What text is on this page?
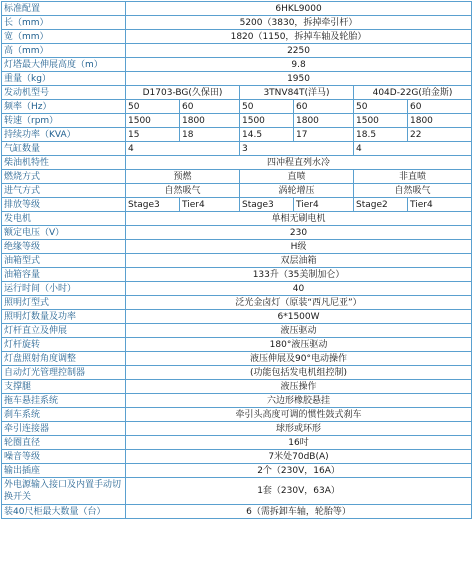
标准配置	6HKL9000					
长（mm）	5200（3830，拆掉牵引杆）					
宽（mm）	1820（1150，拆掉车轴及轮胎）					
高（mm）	2250					
灯塔最大伸展高度（m）	9.8					
重量（kg）	1950					
发动机型号	D1703-BG(久保田)		3TNV84T(洋马)		404D-22G(珀金斯)	
频率（Hz）	50	60	50	60	50	60
转速（rpm）	1500	1800	1500	1800	1500	1800
持续功率（KVA）	15	18	14.5	17	18.5	22
气缸数量	4		3		4	
柴油机特性	四冲程直列水冷					
燃烧方式	预燃		直喷		非直喷	
进气方式	自然吸气		涡轮增压		自然吸气	
排放等级	Stage3	Tier4	Stage3	Tier4	Stage2	Tier4
发电机	单相无刷电机					
额定电压（V）	230					
绝缘等级	H级					
油箱型式	双层油箱					
油箱容量	133升（35美制加仑）					
运行时间（小时）	40					
照明灯型式	泛光金卤灯（原装“西凡尼亚”）					
照明灯数量及功率	6*1500W					
灯杆直立及伸展	液压驱动					
灯杆旋转	180°液压驱动					
灯盘照射角度调整	液压伸展及90°电动操作					
自动灯光管理控制器	(功能包括发电机组控制)					
支撑腿	液压操作					
拖车悬挂系统	六边形橡胶悬挂					
刹车系统	牵引头高度可调的惯性鼓式刹车					
牵引连接器	球形或环形					
轮圈直径	16吋					
噪音等级	7米处70dB(A)					
输出插座	2个（230V，16A）					
外电源输入接口及内置手动切换开关	1套（230V，63A）					
装40尺柜最大数量（台）	6（需拆卸车轴，轮胎等）					
